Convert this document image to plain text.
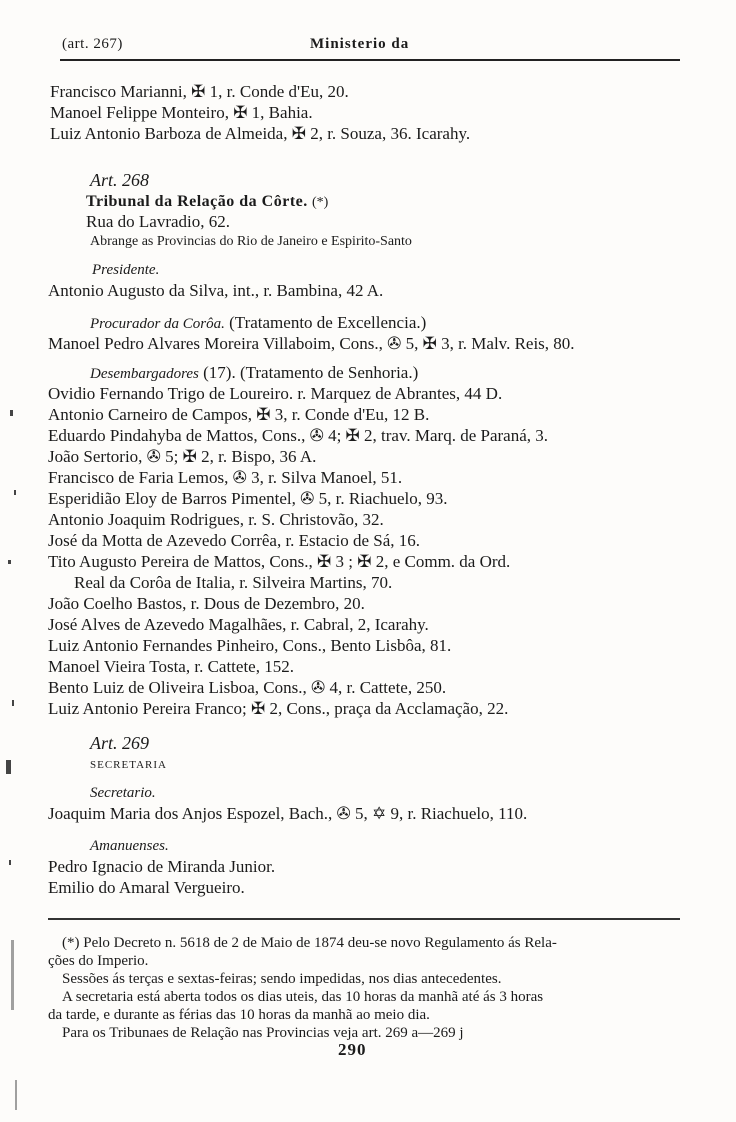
(art. 267)	Ministerio da
Francisco Marianni, ✠ 1, r. Conde d'Eu, 20.
Manoel Felippe Monteiro, ✠ 1, Bahia.
Luiz Antonio Barboza de Almeida, ✠ 2, r. Souza, 36. Icarahy.
Art. 268
Tribunal da Relação da Côrte. (*)
Rua do Lavradio, 62.
Abrange as Provincias do Rio de Janeiro e Espirito-Santo
Presidente.
Antonio Augusto da Silva, int., r. Bambina, 42 A.
Procurador da Corôa. (Tratamento de Excellencia.)
Manoel Pedro Alvares Moreira Villaboim, Cons., ✇ 5, ✠ 3, r. Malv. Reis, 80.
Desembargadores (17). (Tratamento de Senhoria.)
Ovidio Fernando Trigo de Loureiro. r. Marquez de Abrantes, 44 D.
Antonio Carneiro de Campos, ✠ 3, r. Conde d'Eu, 12 B.
Eduardo Pindahyba de Mattos, Cons., ✇ 4; ✠ 2, trav. Marq. de Paraná, 3.
João Sertorio, ✇ 5; ✠ 2, r. Bispo, 36 A.
Francisco de Faria Lemos, ✇ 3, r. Silva Manoel, 51.
Esperidião Eloy de Barros Pimentel, ✇ 5, r. Riachuelo, 93.
Antonio Joaquim Rodrigues, r. S. Christovão, 32.
José da Motta de Azevedo Corrêa, r. Estacio de Sá, 16.
Tito Augusto Pereira de Mattos, Cons., ✠ 3 ; ✠ 2, e Comm. da Ord.
Real da Corôa de Italia, r. Silveira Martins, 70.
João Coelho Bastos, r. Dous de Dezembro, 20.
José Alves de Azevedo Magalhães, r. Cabral, 2, Icarahy.
Luiz Antonio Fernandes Pinheiro, Cons., Bento Lisbôa, 81.
Manoel Vieira Tosta, r. Cattete, 152.
Bento Luiz de Oliveira Lisboa, Cons., ✇ 4, r. Cattete, 250.
Luiz Antonio Pereira Franco; ✠ 2, Cons., praça da Acclamação, 22.
Art. 269
SECRETARIA
Secretario.
Joaquim Maria dos Anjos Espozel, Bach., ✇ 5, ✡ 9, r. Riachuelo, 110.
Amanuenses.
Pedro Ignacio de Miranda Junior.
Emilio do Amaral Vergueiro.
(*) Pelo Decreto n. 5618 de 2 de Maio de 1874 deu-se novo Regulamento ás Rela-
ções do Imperio.
Sessões ás terças e sextas-feiras; sendo impedidas, nos dias antecedentes.
A secretaria está aberta todos os dias uteis, das 10 horas da manhã até ás 3 horas
da tarde, e durante as férias das 10 horas da manhã ao meio dia.
Para os Tribunaes de Relação nas Provincias veja art. 269 a—269 j
290
